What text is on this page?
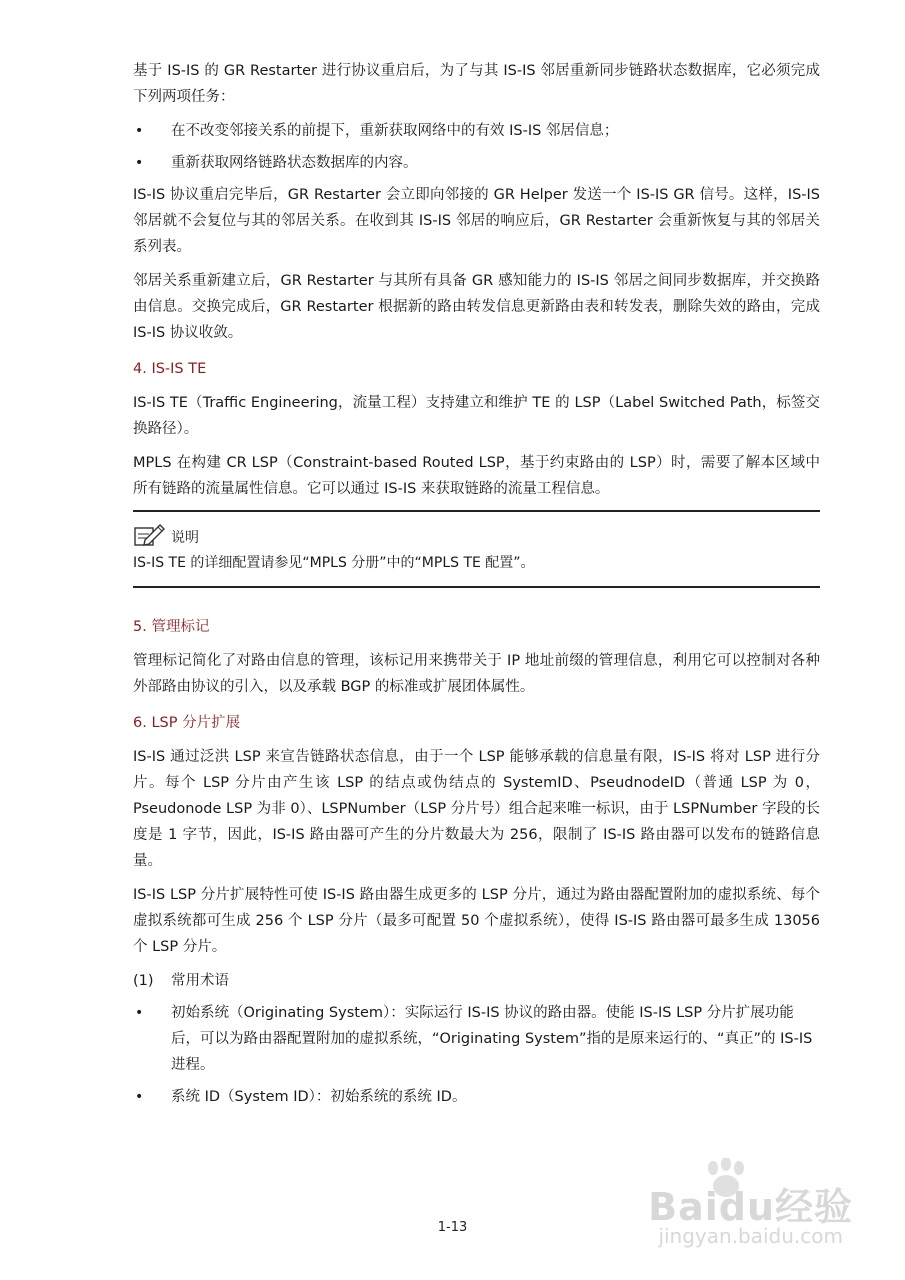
基于 IS-IS 的 GR Restarter 进行协议重启后，为了与其 IS-IS 邻居重新同步链路状态数据库，它必须完成下列两项任务：

• 在不改变邻接关系的前提下，重新获取网络中的有效 IS-IS 邻居信息；
• 重新获取网络链路状态数据库的内容。

IS-IS 协议重启完毕后，GR Restarter 会立即向邻接的 GR Helper 发送一个 IS-IS GR 信号。这样，IS-IS 邻居就不会复位与其的邻居关系。在收到其 IS-IS 邻居的响应后，GR Restarter 会重新恢复与其的邻居关系列表。

邻居关系重新建立后，GR Restarter 与其所有具备 GR 感知能力的 IS-IS 邻居之间同步数据库，并交换路由信息。交换完成后，GR Restarter 根据新的路由转发信息更新路由表和转发表，删除失效的路由，完成 IS-IS 协议收敛。

4. IS-IS TE

IS-IS TE（Traffic Engineering，流量工程）支持建立和维护 TE 的 LSP（Label Switched Path，标签交换路径）。

MPLS 在构建 CR LSP（Constraint-based Routed LSP，基于约束路由的 LSP）时，需要了解本区域中所有链路的流量属性信息。它可以通过 IS-IS 来获取链路的流量工程信息。

说明
IS-IS TE 的详细配置请参见“MPLS 分册”中的“MPLS TE 配置”。
5. 管理标记

管理标记简化了对路由信息的管理，该标记用来携带关于 IP 地址前缀的管理信息，利用它可以控制对各种外部路由协议的引入，以及承载 BGP 的标准或扩展团体属性。

6. LSP 分片扩展

IS-IS 通过泛洪 LSP 来宣告链路状态信息，由于一个 LSP 能够承载的信息量有限，IS-IS 将对 LSP 进行分片。每个 LSP 分片由产生该 LSP 的结点或伪结点的 SystemID、PseudnodeID（普通 LSP 为 0，Pseudonode LSP 为非 0）、LSPNumber（LSP 分片号）组合起来唯一标识，由于 LSPNumber 字段的长度是 1 字节，因此，IS-IS 路由器可产生的分片数最大为 256，限制了 IS-IS 路由器可以发布的链路信息量。

IS-IS LSP 分片扩展特性可使 IS-IS 路由器生成更多的 LSP 分片，通过为路由器配置附加的虚拟系统、每个虚拟系统都可生成 256 个 LSP 分片（最多可配置 50 个虚拟系统），使得 IS-IS 路由器可最多生成 13056 个 LSP 分片。

(1) 常用术语
• 初始系统（Originating System）：实际运行 IS-IS 协议的路由器。使能 IS-IS LSP 分片扩展功能后，可以为路由器配置附加的虚拟系统，“Originating System”指的是原来运行的、“真正”的 IS-IS 进程。
• 系统 ID（System ID）：初始系统的系统 ID。
1-13	Baidu经验
jingyan.baidu.com
